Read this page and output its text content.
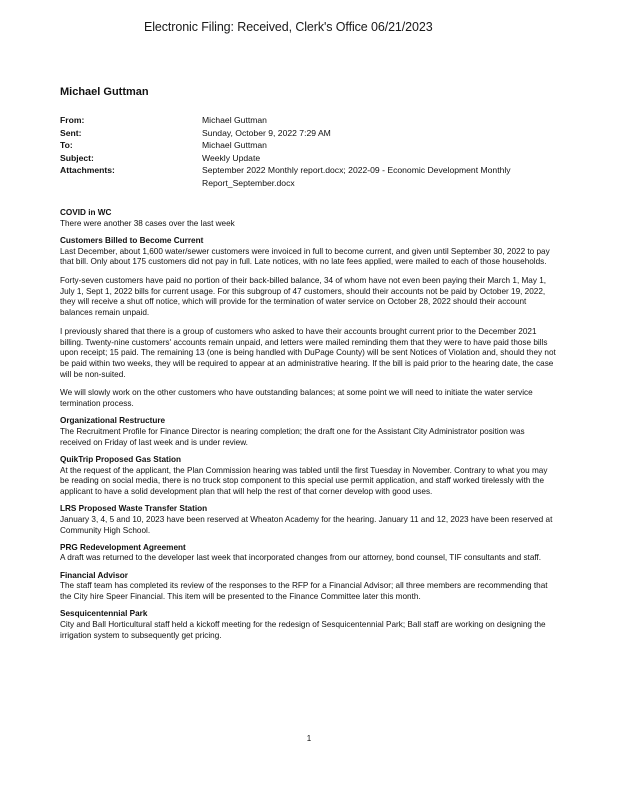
Electronic Filing: Received, Clerk's Office 06/21/2023
Michael Guttman
From:	Michael Guttman
Sent:	Sunday, October 9, 2022 7:29 AM
To:	Michael Guttman
Subject:	Weekly Update
Attachments:	September 2022 Monthly report.docx; 2022-09 - Economic Development Monthly Report_September.docx
COVID in WC

There were another 38 cases over the last week

Customers Billed to Become Current

Last December, about 1,600 water/sewer customers were invoiced in full to become current, and given until September 30, 2022 to pay that bill. Only about 175 customers did not pay in full. Late notices, with no late fees applied, were mailed to each of those households.

Forty-seven customers have paid no portion of their back-billed balance, 34 of whom have not even been paying their March 1, May 1, July 1, Sept 1, 2022 bills for current usage. For this subgroup of 47 customers, should their accounts not be paid by October 19, 2022, they will receive a shut off notice, which will provide for the termination of water service on October 28, 2022 should their account balances remain unpaid.

I previously shared that there is a group of customers who asked to have their accounts brought current prior to the December 2021 billing. Twenty-nine customers' accounts remain unpaid, and letters were mailed reminding them that they were to have paid those bills upon receipt; 15 paid. The remaining 13 (one is being handled with DuPage County) will be sent Notices of Violation and, should they not be paid within two weeks, they will be required to appear at an administrative hearing. If the bill is paid prior to the hearing date, the case will be non-suited.

We will slowly work on the other customers who have outstanding balances; at some point we will need to initiate the water service termination process.

Organizational Restructure

The Recruitment Profile for Finance Director is nearing completion; the draft one for the Assistant City Administrator position was received on Friday of last week and is under review.

QuikTrip Proposed Gas Station

At the request of the applicant, the Plan Commission hearing was tabled until the first Tuesday in November. Contrary to what you may be reading on social media, there is no truck stop component to this special use permit application, and staff worked tirelessly with the applicant to have a solid development plan that will help the rest of that corner develop with good uses.

LRS Proposed Waste Transfer Station

January 3, 4, 5 and 10, 2023 have been reserved at Wheaton Academy for the hearing. January 11 and 12, 2023 have been reserved at Community High School.

PRG Redevelopment Agreement

A draft was returned to the developer last week that incorporated changes from our attorney, bond counsel, TIF consultants and staff.

Financial Advisor

The staff team has completed its review of the responses to the RFP for a Financial Advisor; all three members are recommending that the City hire Speer Financial. This item will be presented to the Finance Committee later this month.

Sesquicentennial Park

City and Ball Horticultural staff held a kickoff meeting for the redesign of Sesquicentennial Park; Ball staff are working on designing the irrigation system to subsequently get pricing.

1
